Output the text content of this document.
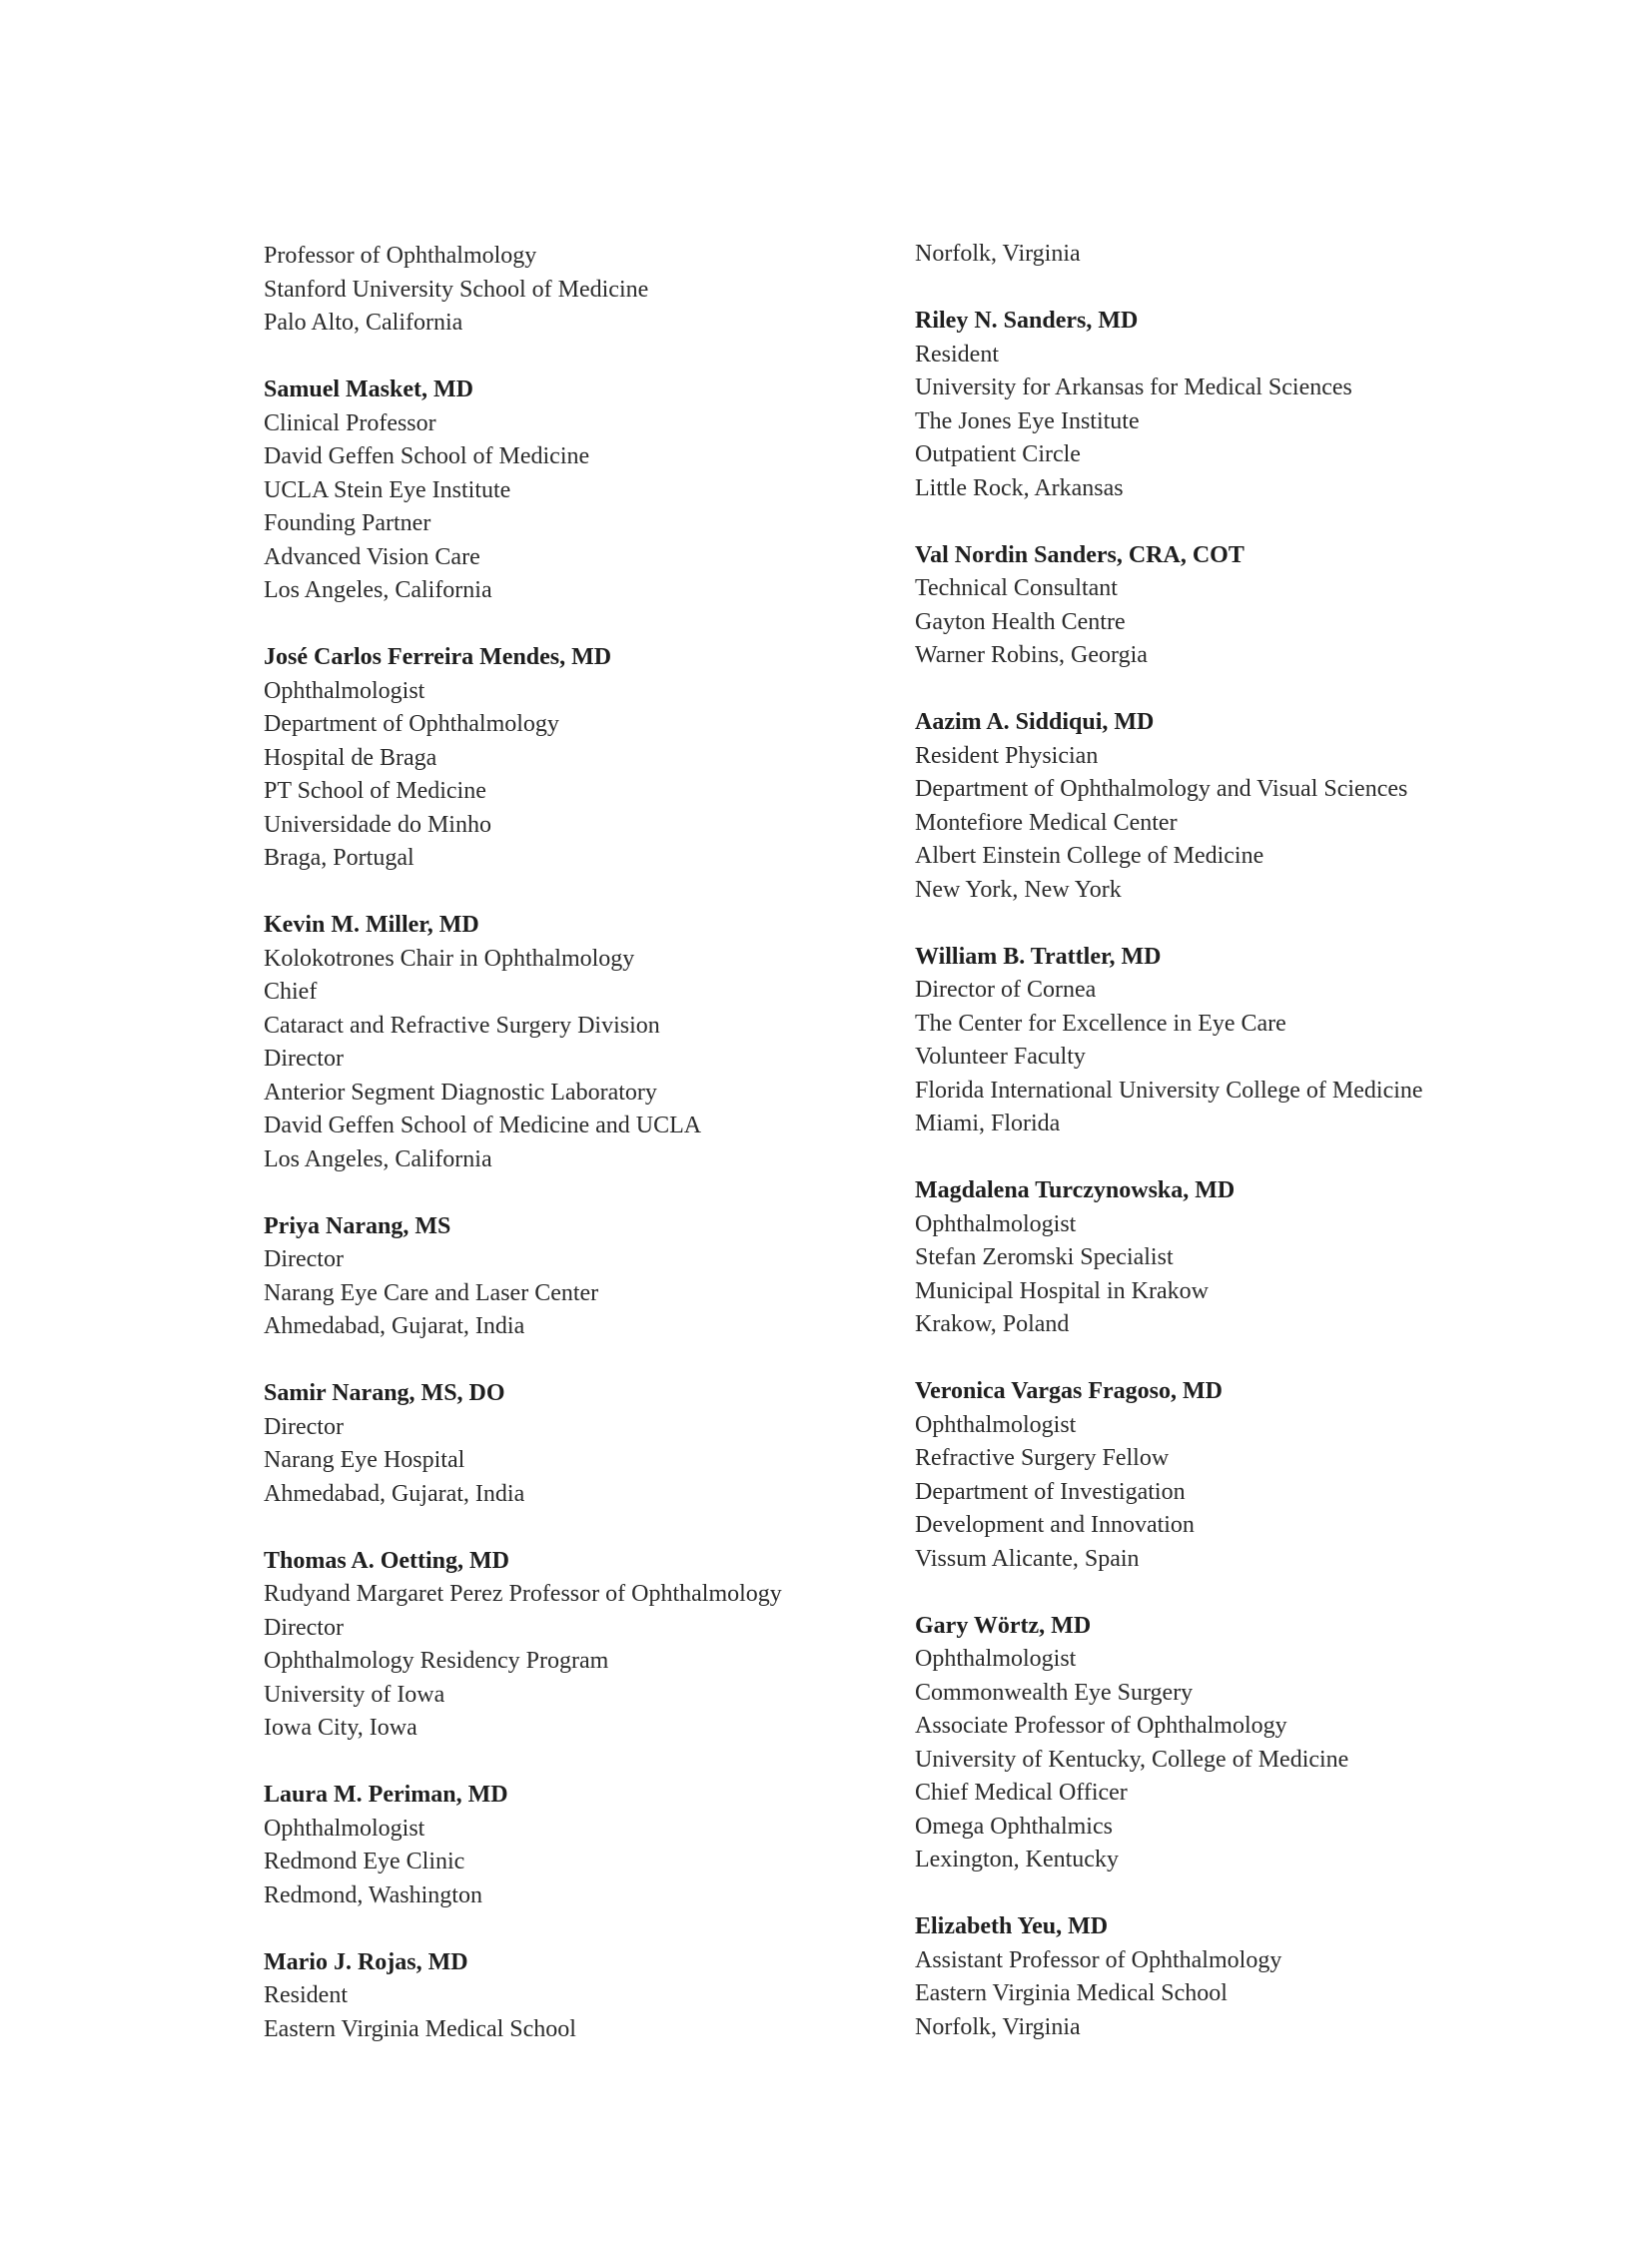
Professor of Ophthalmology
Stanford University School of Medicine
Palo Alto, California
Samuel Masket, MD
Clinical Professor
David Geffen School of Medicine
UCLA Stein Eye Institute
Founding Partner
Advanced Vision Care
Los Angeles, California
José Carlos Ferreira Mendes, MD
Ophthalmologist
Department of Ophthalmology
Hospital de Braga
PT School of Medicine
Universidade do Minho
Braga, Portugal
Kevin M. Miller, MD
Kolokotrones Chair in Ophthalmology
Chief
Cataract and Refractive Surgery Division
Director
Anterior Segment Diagnostic Laboratory
David Geffen School of Medicine and UCLA
Los Angeles, California
Priya Narang, MS
Director
Narang Eye Care and Laser Center
Ahmedabad, Gujarat, India
Samir Narang, MS, DO
Director
Narang Eye Hospital
Ahmedabad, Gujarat, India
Thomas A. Oetting, MD
Rudyand Margaret Perez Professor of Ophthalmology
Director
Ophthalmology Residency Program
University of Iowa
Iowa City, Iowa
Laura M. Periman, MD
Ophthalmologist
Redmond Eye Clinic
Redmond, Washington
Mario J. Rojas, MD
Resident
Eastern Virginia Medical School
Norfolk, Virginia
Riley N. Sanders, MD
Resident
University for Arkansas for Medical Sciences
The Jones Eye Institute
Outpatient Circle
Little Rock, Arkansas
Val Nordin Sanders, CRA, COT
Technical Consultant
Gayton Health Centre
Warner Robins, Georgia
Aazim A. Siddiqui, MD
Resident Physician
Department of Ophthalmology and Visual Sciences
Montefiore Medical Center
Albert Einstein College of Medicine
New York, New York
William B. Trattler, MD
Director of Cornea
The Center for Excellence in Eye Care
Volunteer Faculty
Florida International University College of Medicine
Miami, Florida
Magdalena Turczynowska, MD
Ophthalmologist
Stefan Zeromski Specialist
Municipal Hospital in Krakow
Krakow, Poland
Veronica Vargas Fragoso, MD
Ophthalmologist
Refractive Surgery Fellow
Department of Investigation
Development and Innovation
Vissum Alicante, Spain
Gary Wörtz, MD
Ophthalmologist
Commonwealth Eye Surgery
Associate Professor of Ophthalmology
University of Kentucky, College of Medicine
Chief Medical Officer
Omega Ophthalmics
Lexington, Kentucky
Elizabeth Yeu, MD
Assistant Professor of Ophthalmology
Eastern Virginia Medical School
Norfolk, Virginia
